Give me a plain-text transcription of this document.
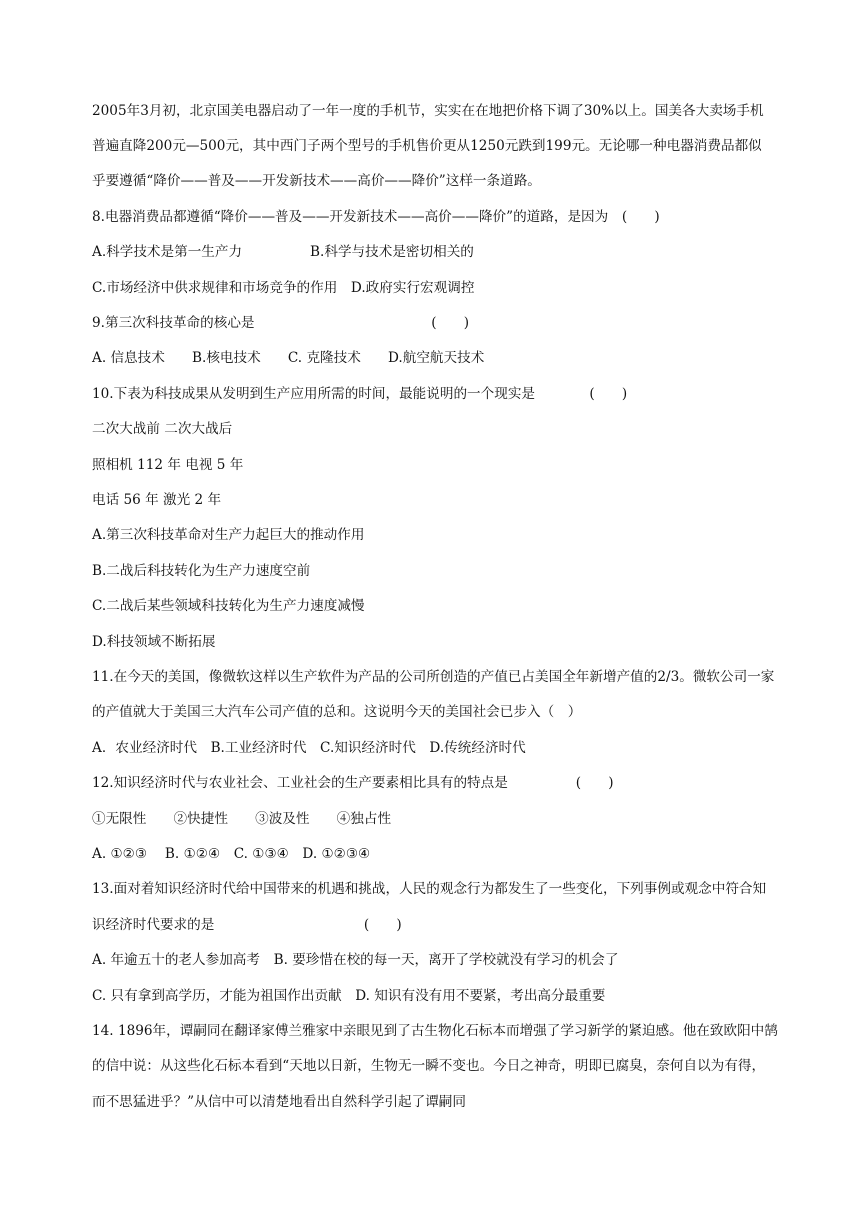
2005年3月初，北京国美电器启动了一年一度的手机节，实实在在地把价格下调了30%以上。国美各大卖场手机
普遍直降200元—500元，其中西门子两个型号的手机售价更从1250元跌到199元。无论哪一种电器消费品都似
乎要遵循“降价——普及——开发新技术——高价——降价”这样一条道路。
8.电器消费品都遵循“降价——普及——开发新技术——高价——降价”的道路，是因为　(　　)
A.科学技术是第一生产力　　　　　B.科学与技术是密切相关的
C.市场经济中供求规律和市场竞争的作用　D.政府实行宏观调控
9.第三次科技革命的核心是　　　　　　　　　　　　　(　　)
A. 信息技术　　B.核电技术　　C. 克隆技术　　D.航空航天技术
10.下表为科技成果从发明到生产应用所需的时间，最能说明的一个现实是　　　　(　　)
二次大战前 二次大战后
照相机 112 年 电视 5 年
电话 56 年 激光 2 年
A.第三次科技革命对生产力起巨大的推动作用
B.二战后科技转化为生产力速度空前
C.二战后某些领域科技转化为生产力速度减慢
D.科技领域不断拓展
11.在今天的美国，像微软这样以生产软件为产品的公司所创造的产值已占美国全年新增产值的2/3。微软公司一家
的产值就大于美国三大汽车公司产值的总和。这说明今天的美国社会已步入（　）
A．农业经济时代　B.工业经济时代　C.知识经济时代　D.传统经济时代
12.知识经济时代与农业社会、工业社会的生产要素相比具有的特点是　　　　　(　　)
①无限性　　②快捷性　　③波及性　　④独占性
A. ①②③　 B. ①②④　C. ①③④　D. ①②③④
13.面对着知识经济时代给中国带来的机遇和挑战，人民的观念行为都发生了一些变化，下列事例或观念中符合知
识经济时代要求的是　　　　　　　　　　　(　　)
A. 年逾五十的老人参加高考　B. 要珍惜在校的每一天，离开了学校就没有学习的机会了
C. 只有拿到高学历，才能为祖国作出贡献　D. 知识有没有用不要紧，考出高分最重要
14. 1896年，谭嗣同在翻译家傅兰雅家中亲眼见到了古生物化石标本而增强了学习新学的紧迫感。他在致欧阳中鹄
的信中说：从这些化石标本看到“天地以日新，生物无一瞬不变也。今日之神奇，明即已腐臭，奈何自以为有得，
而不思猛进乎？”从信中可以清楚地看出自然科学引起了谭嗣同
